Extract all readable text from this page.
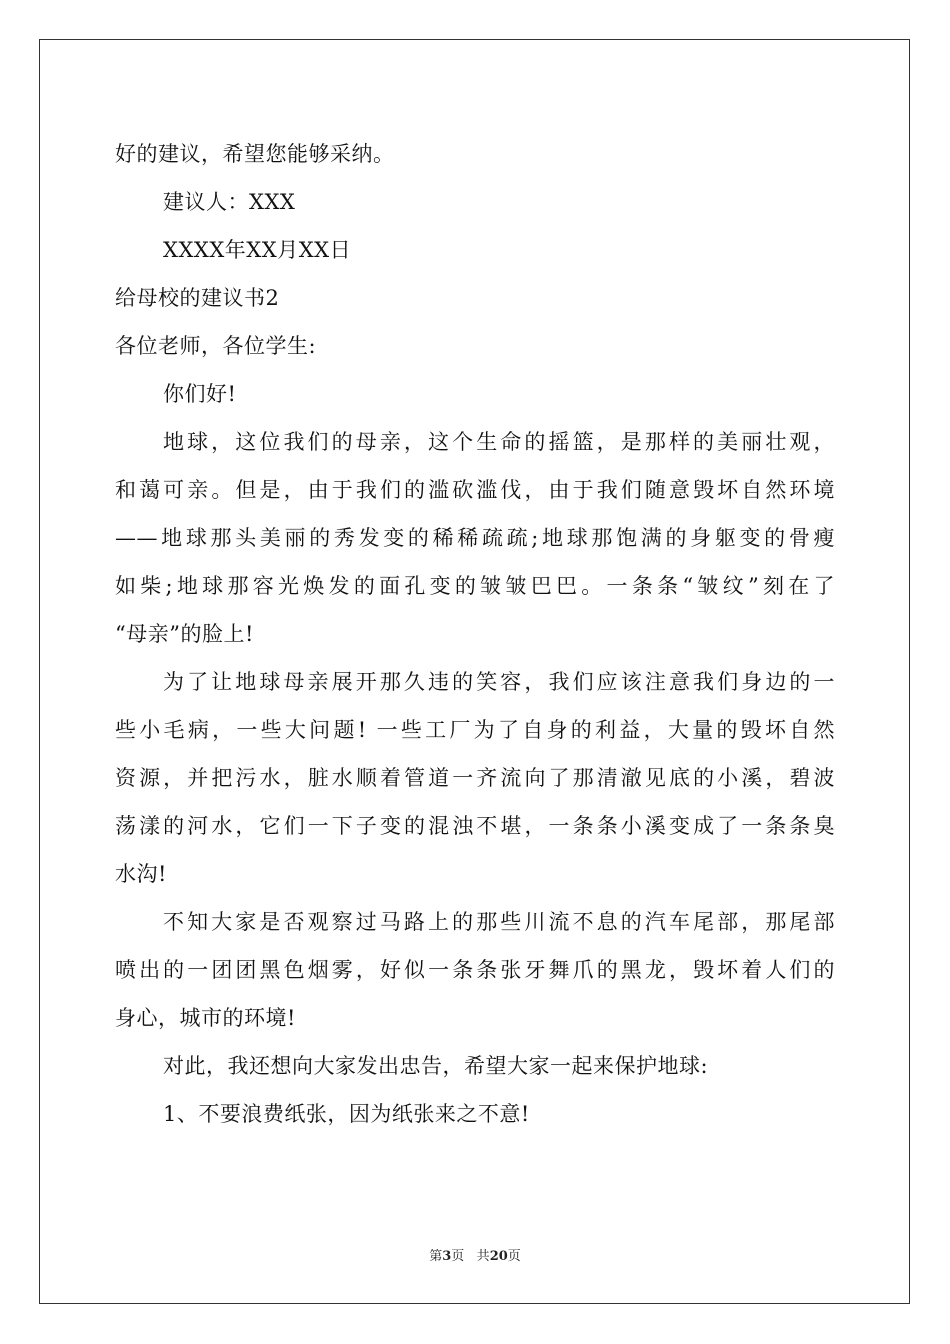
好的建议，希望您能够采纳。
建议人：XXX
XXXX年XX月XX日
给母校的建议书2
各位老师，各位学生:
你们好!
地球，这位我们的母亲，这个生命的摇篮，是那样的美丽壮观，
和蔼可亲。但是，由于我们的滥砍滥伐，由于我们随意毁坏自然环境
——地球那头美丽的秀发变的稀稀疏疏;地球那饱满的身躯变的骨瘦
如柴;地球那容光焕发的面孔变的皱皱巴巴。一条条“皱纹”刻在了
“母亲”的脸上!
为了让地球母亲展开那久违的笑容，我们应该注意我们身边的一
些小毛病，一些大问题! 一些工厂为了自身的利益，大量的毁坏自然
资源，并把污水，脏水顺着管道一齐流向了那清澈见底的小溪，碧波
荡漾的河水，它们一下子变的混浊不堪，一条条小溪变成了一条条臭
水沟!
不知大家是否观察过马路上的那些川流不息的汽车尾部，那尾部
喷出的一团团黑色烟雾，好似一条条张牙舞爪的黑龙，毁坏着人们的
身心，城市的环境!
对此，我还想向大家发出忠告，希望大家一起来保护地球:
1、不要浪费纸张，因为纸张来之不意!
第3页 共20页
